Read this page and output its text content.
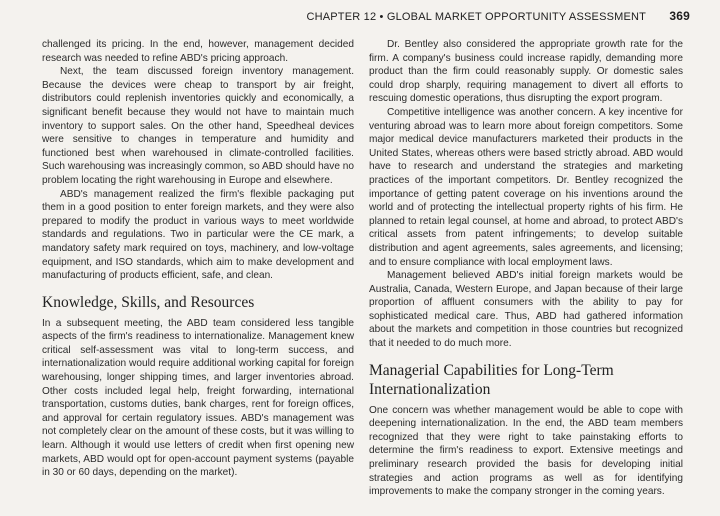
CHAPTER 12 • GLOBAL MARKET OPPORTUNITY ASSESSMENT 369

challenged its pricing. In the end, however, management decided research was needed to refine ABD's pricing approach.

Next, the team discussed foreign inventory management. Because the devices were cheap to transport by air freight, distributors could replenish inventories quickly and economically, a significant benefit because they would not have to maintain much inventory to support sales. On the other hand, Speedheal devices were sensitive to changes in temperature and humidity and functioned best when warehoused in climate-controlled facilities. Such warehousing was increasingly common, so ABD should have no problem locating the right warehousing in Europe and elsewhere.

ABD's management realized the firm's flexible packaging put them in a good position to enter foreign markets, and they were also prepared to modify the product in various ways to meet worldwide standards and regulations. Two in particular were the CE mark, a mandatory safety mark required on toys, machinery, and low-voltage equipment, and ISO standards, which aim to make development and manufacturing of products efficient, safe, and clean.

Knowledge, Skills, and Resources

In a subsequent meeting, the ABD team considered less tangible aspects of the firm's readiness to internationalize. Management knew critical self-assessment was vital to long-term success, and internationalization would require additional working capital for foreign warehousing, longer shipping times, and larger inventories abroad. Other costs included legal help, freight forwarding, international transportation, customs duties, bank charges, rent for foreign offices, and approval for certain regulatory issues. ABD's management was not completely clear on the amount of these costs, but it was willing to learn. Although it would use letters of credit when first opening new markets, ABD would opt for open-account payment systems (payable in 30 or 60 days, depending on the market).

Dr. Bentley also considered the appropriate growth rate for the firm. A company's business could increase rapidly, demanding more product than the firm could reasonably supply. Or domestic sales could drop sharply, requiring management to divert all efforts to rescuing domestic operations, thus disrupting the export program.

Competitive intelligence was another concern. A key incentive for venturing abroad was to learn more about foreign competitors. Some major medical device manufacturers marketed their products in the United States, whereas others were based strictly abroad. ABD would have to research and understand the strategies and marketing practices of the important competitors. Dr. Bentley recognized the importance of getting patent coverage on his inventions around the world and of protecting the intellectual property rights of his firm. He planned to retain legal counsel, at home and abroad, to protect ABD's critical assets from patent infringements; to develop suitable distribution and agent agreements, sales agreements, and licensing; and to ensure compliance with local employment laws.

Management believed ABD's initial foreign markets would be Australia, Canada, Western Europe, and Japan because of their large proportion of affluent consumers with the ability to pay for sophisticated medical care. Thus, ABD had gathered information about the markets and competition in those countries but recognized that it needed to do much more.

Managerial Capabilities for Long-Term Internationalization

One concern was whether management would be able to cope with deepening internationalization. In the end, the ABD team members recognized that they were right to take painstaking efforts to determine the firm's readiness to export. Extensive meetings and preliminary research provided the basis for developing initial strategies and action programs as well as for identifying improvements to make the company stronger in the coming years.
